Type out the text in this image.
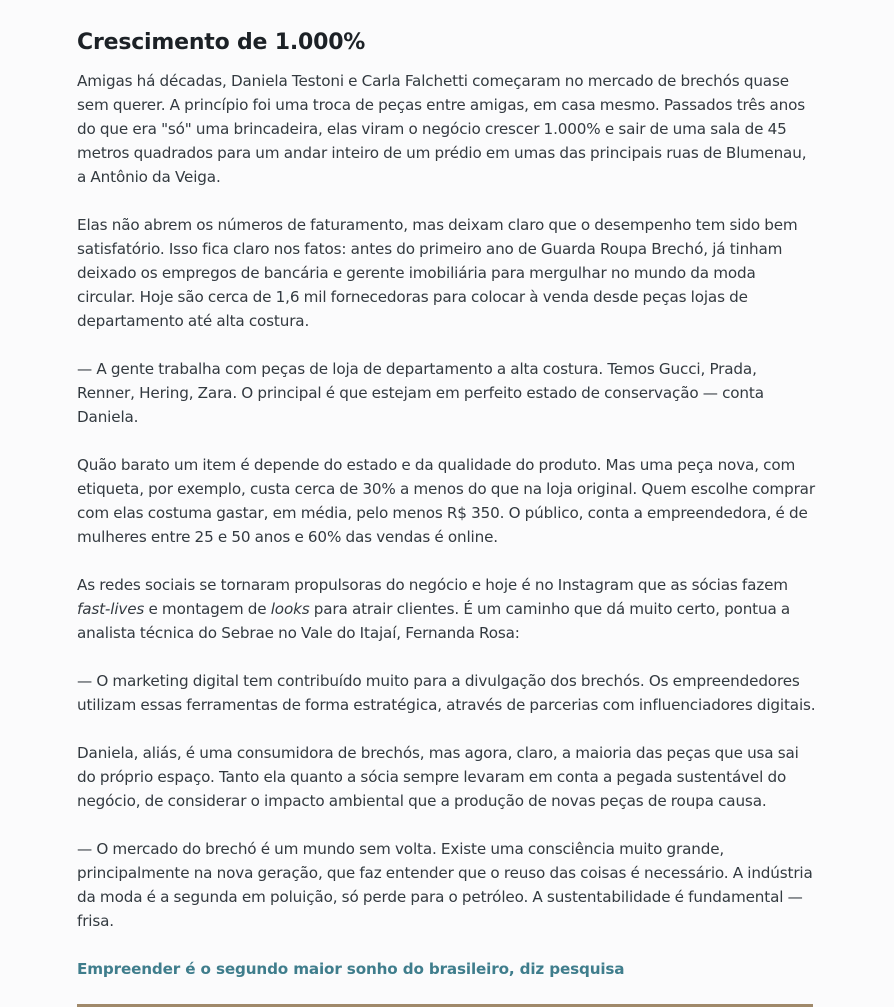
Crescimento de 1.000%

Amigas há décadas, Daniela Testoni e Carla Falchetti começaram no mercado de brechós quase sem querer. A princípio foi uma troca de peças entre amigas, em casa mesmo. Passados três anos do que era "só" uma brincadeira, elas viram o negócio crescer 1.000% e sair de uma sala de 45 metros quadrados para um andar inteiro de um prédio em umas das principais ruas de Blumenau, a Antônio da Veiga.

Elas não abrem os números de faturamento, mas deixam claro que o desempenho tem sido bem satisfatório. Isso fica claro nos fatos: antes do primeiro ano de Guarda Roupa Brechó, já tinham deixado os empregos de bancária e gerente imobiliária para mergulhar no mundo da moda circular. Hoje são cerca de 1,6 mil fornecedoras para colocar à venda desde peças lojas de departamento até alta costura.

— A gente trabalha com peças de loja de departamento a alta costura. Temos Gucci, Prada, Renner, Hering, Zara. O principal é que estejam em perfeito estado de conservação — conta Daniela.

Quão barato um item é depende do estado e da qualidade do produto. Mas uma peça nova, com etiqueta, por exemplo, custa cerca de 30% a menos do que na loja original. Quem escolhe comprar com elas costuma gastar, em média, pelo menos R$ 350. O público, conta a empreendedora, é de mulheres entre 25 e 50 anos e 60% das vendas é online.

As redes sociais se tornaram propulsoras do negócio e hoje é no Instagram que as sócias fazem fast-lives e montagem de looks para atrair clientes. É um caminho que dá muito certo, pontua a analista técnica do Sebrae no Vale do Itajaí, Fernanda Rosa:

— O marketing digital tem contribuído muito para a divulgação dos brechós. Os empreendedores utilizam essas ferramentas de forma estratégica, através de parcerias com influenciadores digitais.

Daniela, aliás, é uma consumidora de brechós, mas agora, claro, a maioria das peças que usa sai do próprio espaço. Tanto ela quanto a sócia sempre levaram em conta a pegada sustentável do negócio, de considerar o impacto ambiental que a produção de novas peças de roupa causa.

— O mercado do brechó é um mundo sem volta. Existe uma consciência muito grande, principalmente na nova geração, que faz entender que o reuso das coisas é necessário. A indústria da moda é a segunda em poluição, só perde para o petróleo. A sustentabilidade é fundamental — frisa.

Empreender é o segundo maior sonho do brasileiro, diz pesquisa
